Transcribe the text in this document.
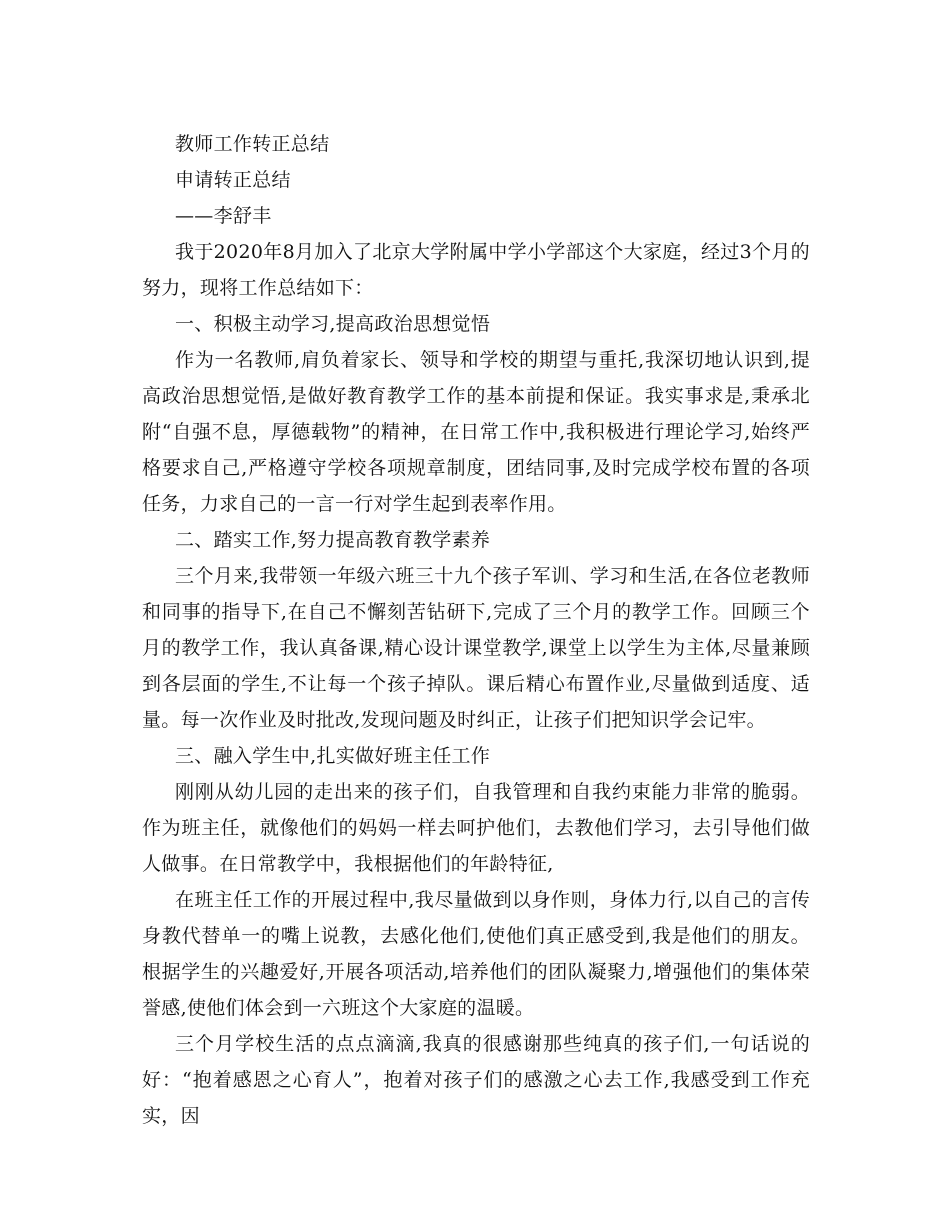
教师工作转正总结

申请转正总结

——李舒丰

我于2020年8月加入了北京大学附属中学小学部这个大家庭，经过3个月的努力，现将工作总结如下：

一、积极主动学习,提高政治思想觉悟

作为一名教师,肩负着家长、领导和学校的期望与重托,我深切地认识到,提高政治思想觉悟,是做好教育教学工作的基本前提和保证。我实事求是,秉承北附“自强不息，厚德载物”的精神，在日常工作中,我积极进行理论学习,始终严格要求自己,严格遵守学校各项规章制度，团结同事,及时完成学校布置的各项任务，力求自己的一言一行对学生起到表率作用。

二、踏实工作,努力提高教育教学素养

三个月来,我带领一年级六班三十九个孩子军训、学习和生活,在各位老教师和同事的指导下,在自己不懈刻苦钻研下,完成了三个月的教学工作。回顾三个月的教学工作，我认真备课,精心设计课堂教学,课堂上以学生为主体,尽量兼顾到各层面的学生,不让每一个孩子掉队。课后精心布置作业,尽量做到适度、适量。每一次作业及时批改,发现问题及时纠正，让孩子们把知识学会记牢。

三、融入学生中,扎实做好班主任工作

刚刚从幼儿园的走出来的孩子们，自我管理和自我约束能力非常的脆弱。作为班主任，就像他们的妈妈一样去呵护他们，去教他们学习，去引导他们做人做事。在日常教学中，我根据他们的年龄特征,

在班主任工作的开展过程中,我尽量做到以身作则，身体力行,以自己的言传身教代替单一的嘴上说教，去感化他们,使他们真正感受到,我是他们的朋友。根据学生的兴趣爱好,开展各项活动,培养他们的团队凝聚力,增强他们的集体荣誉感,使他们体会到一六班这个大家庭的温暖。

三个月学校生活的点点滴滴,我真的很感谢那些纯真的孩子们,一句话说的好：“抱着感恩之心育人”，抱着对孩子们的感激之心去工作,我感受到工作充实，因
